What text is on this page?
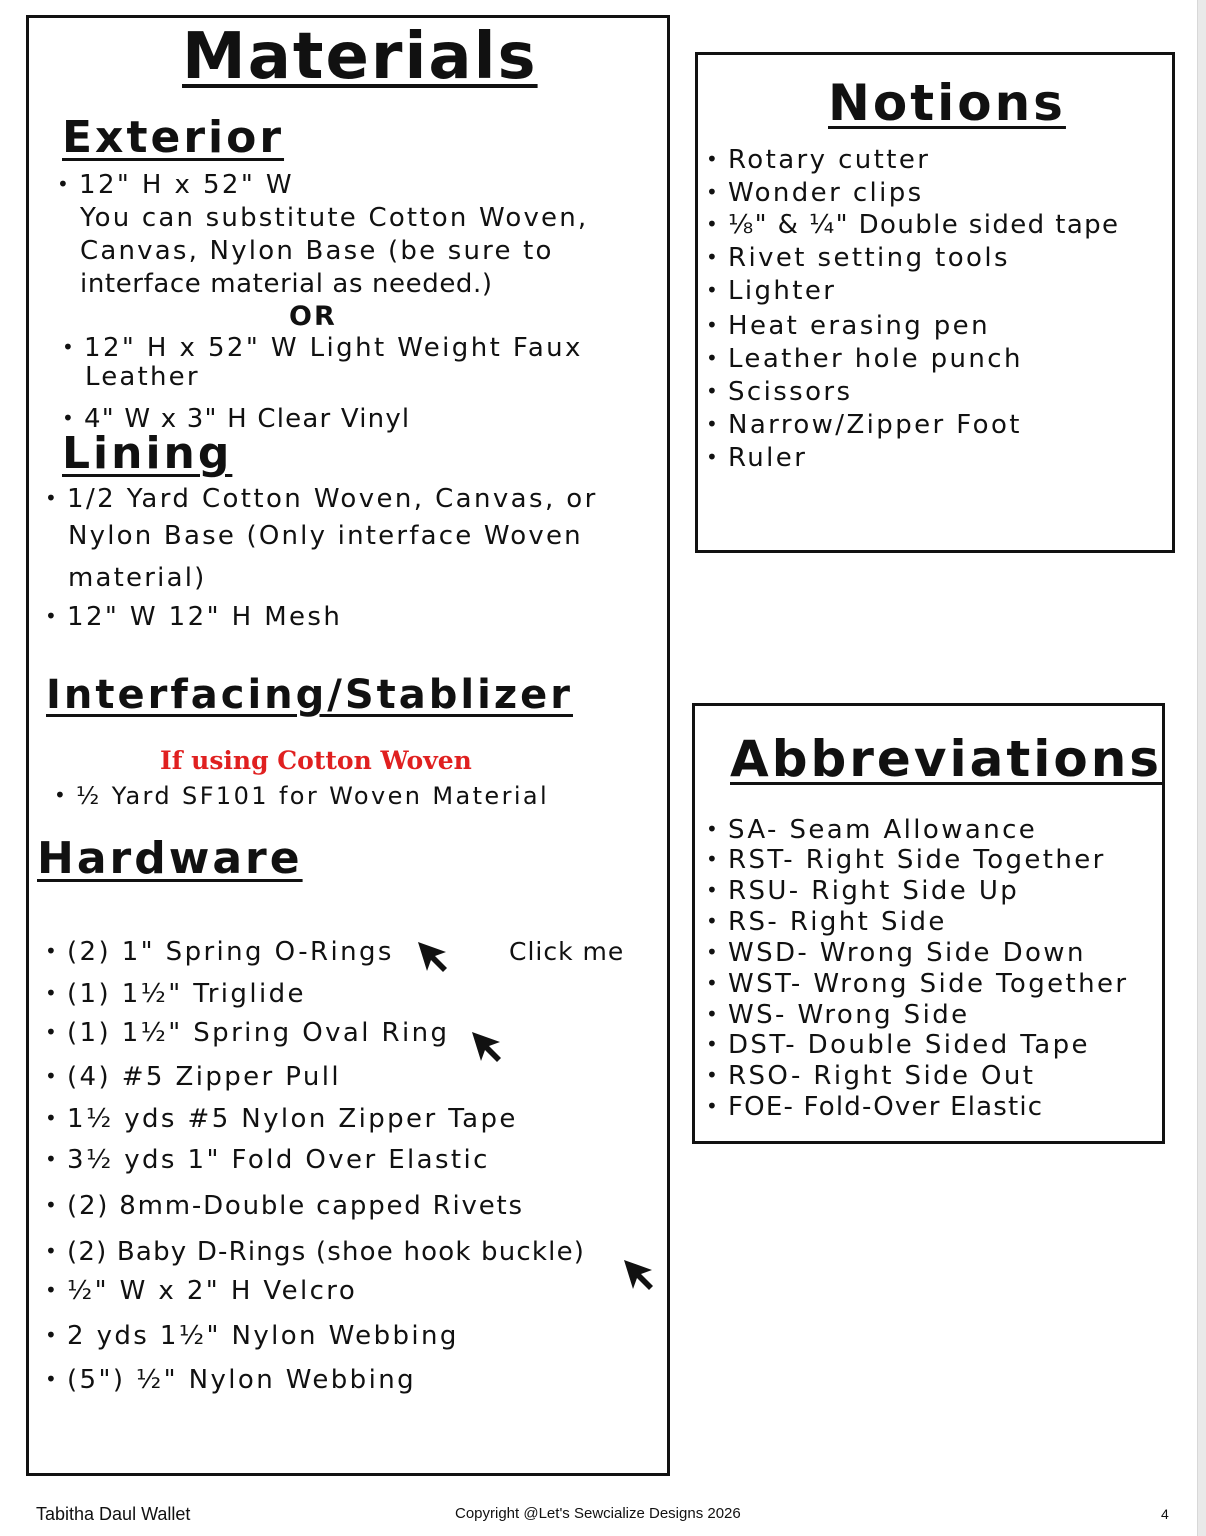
Materials
Exterior
• 12" H x 52" W
You can substitute Cotton Woven,
Canvas, Nylon Base (be sure to
interface material as needed.)
OR
• 12" H x 52" W Light Weight Faux
Leather
• 4" W x 3" H Clear Vinyl
Lining
• 1/2 Yard Cotton Woven, Canvas, or
Nylon Base (Only interface Woven
material)
• 12" W 12" H Mesh
Interfacing/Stablizer
If using Cotton Woven
• ½ Yard SF101 for Woven Material
Hardware
• (2) 1" Spring O-Rings	Click me
• (1) 1½" Triglide
• (1) 1½" Spring Oval Ring
• (4) #5 Zipper Pull
• 1½ yds #5 Nylon Zipper Tape
• 3½ yds 1" Fold Over Elastic
• (2) 8mm-Double capped Rivets
• (2) Baby D-Rings (shoe hook buckle)
• ½" W x 2" H Velcro
• 2 yds 1½" Nylon Webbing
• (5") ½" Nylon Webbing
Notions
• Rotary cutter
• Wonder clips
• ⅛" & ¼" Double sided tape
• Rivet setting tools
• Lighter
• Heat erasing pen
• Leather hole punch
• Scissors
• Narrow/Zipper Foot
• Ruler
Abbreviations
• SA- Seam Allowance
• RST- Right Side Together
• RSU- Right Side Up
• RS- Right Side
• WSD- Wrong Side Down
• WST- Wrong Side Together
• WS- Wrong Side
• DST- Double Sided Tape
• RSO- Right Side Out
• FOE- Fold-Over Elastic
Tabitha Daul Wallet	Copyright @Let's Sewcialize Designs 2026	4
